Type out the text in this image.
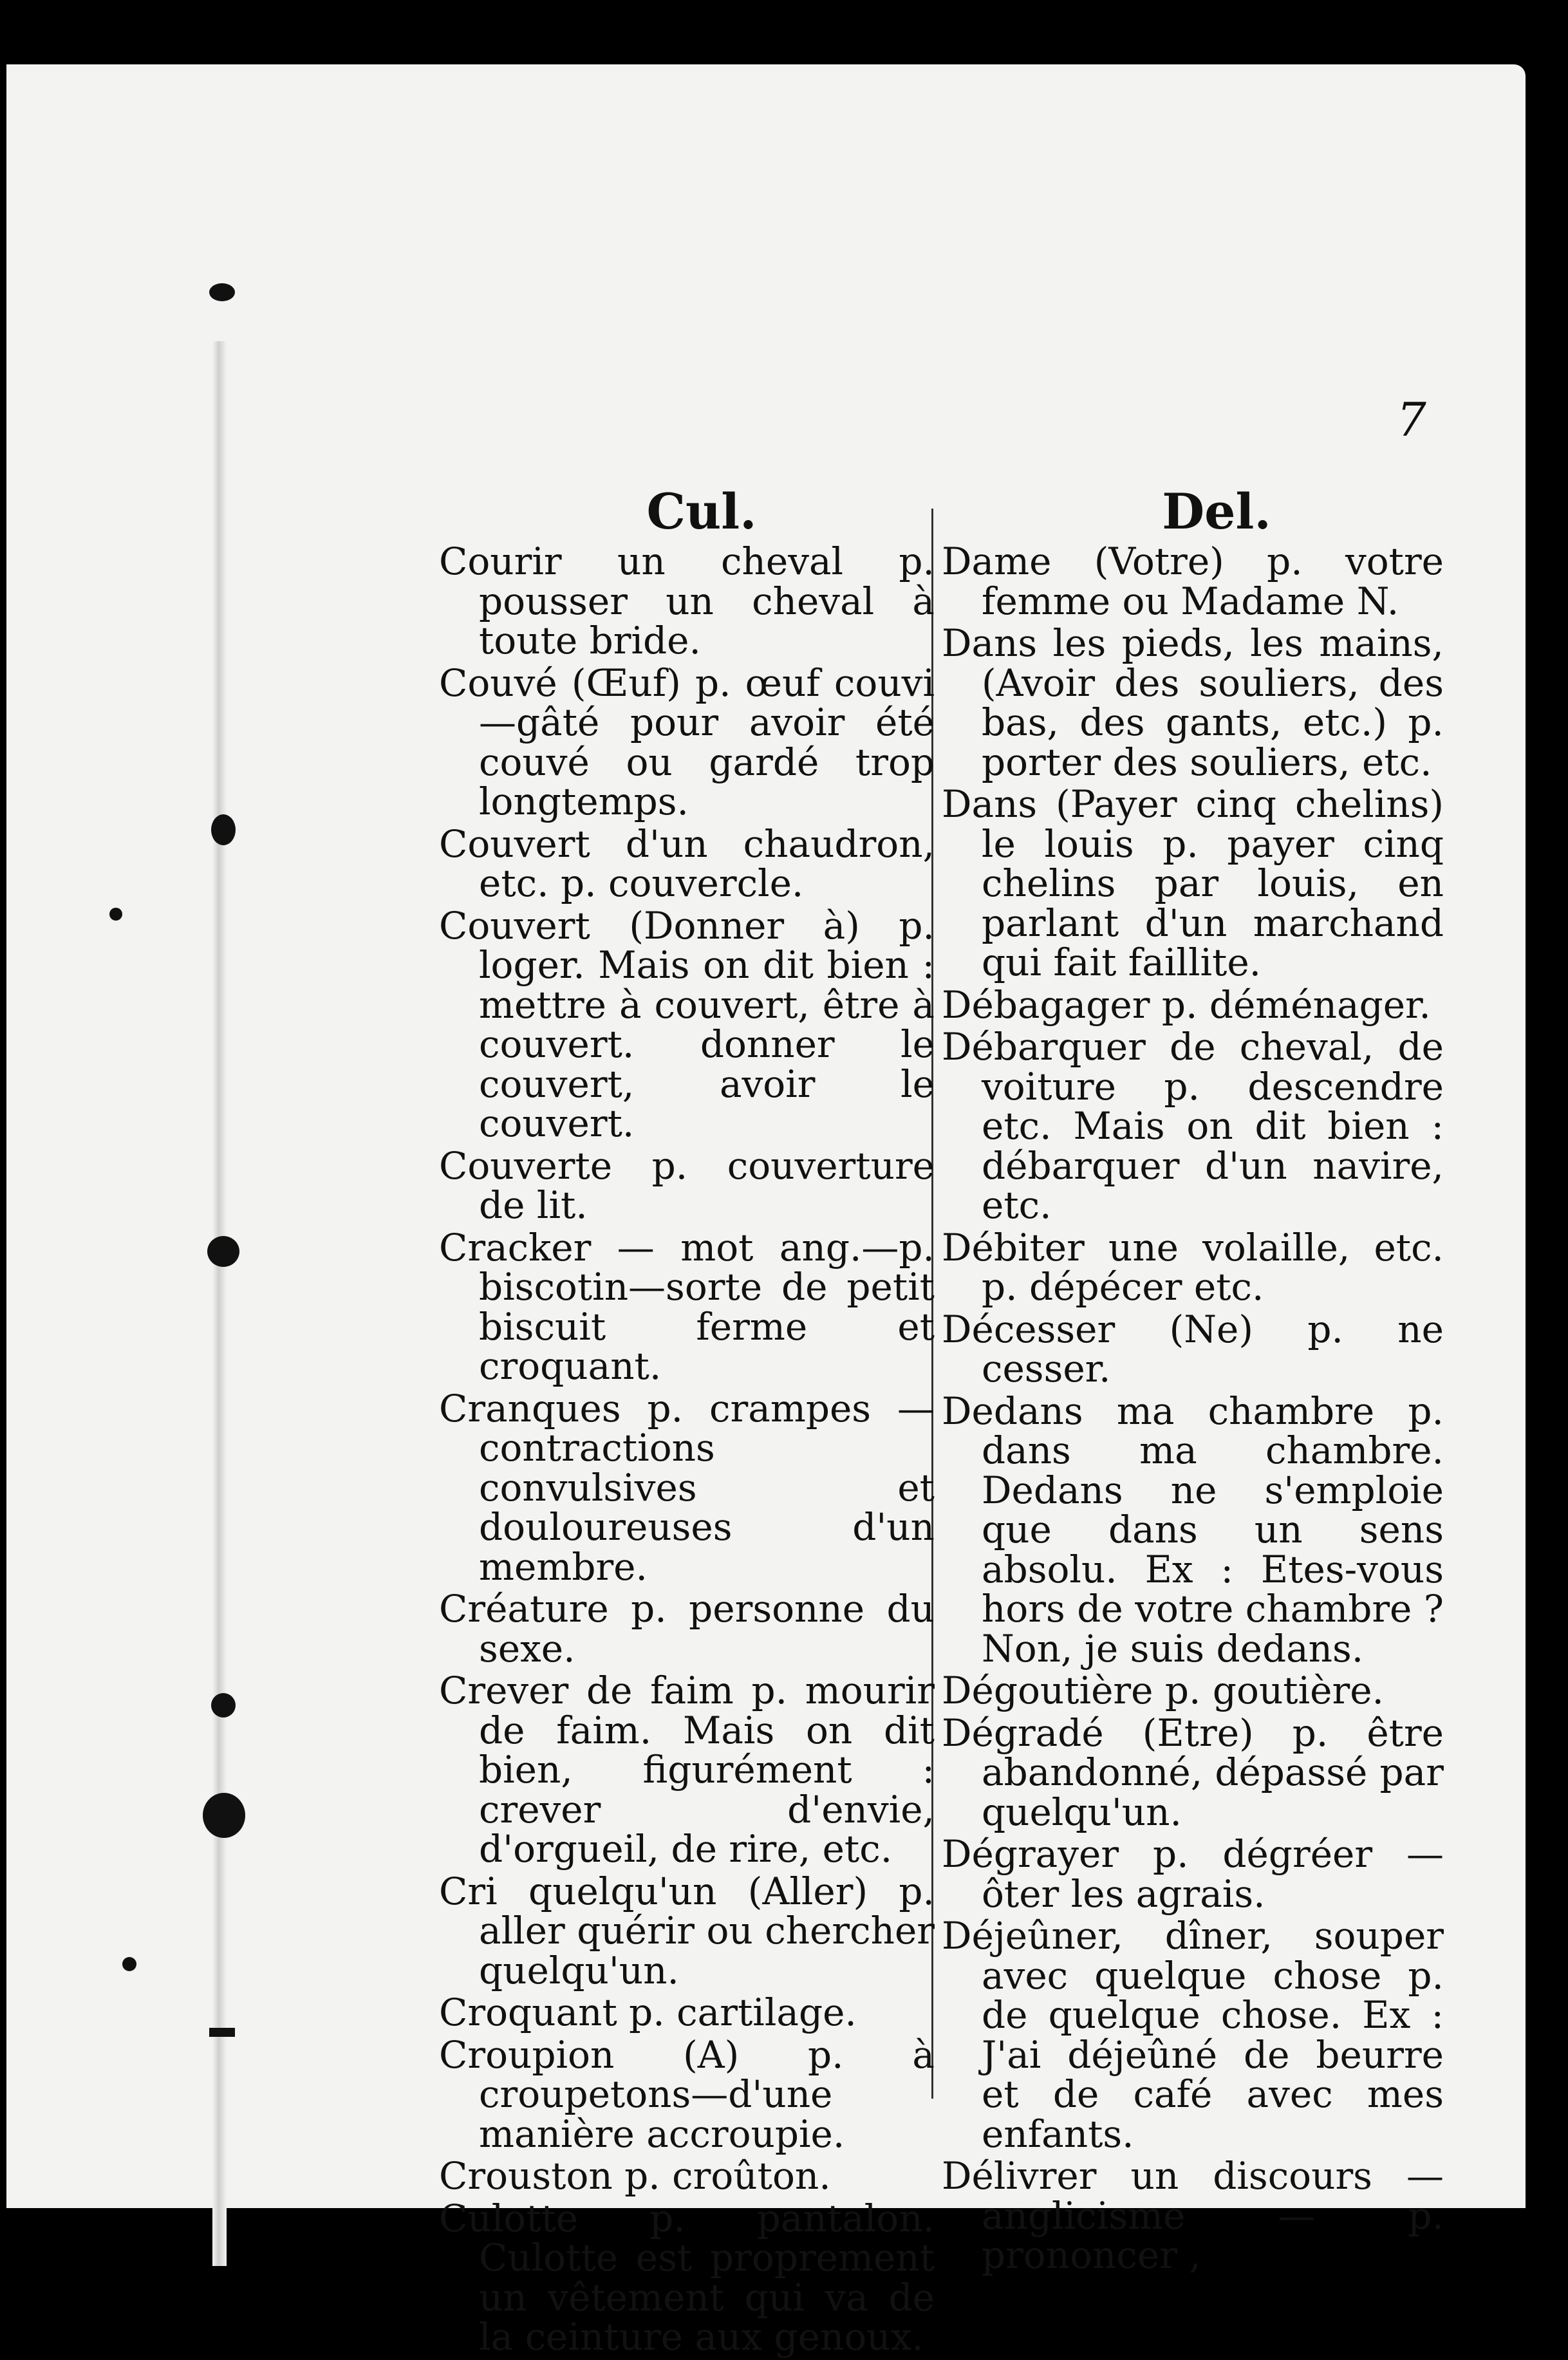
7
Cul.	Del.

Courir un cheval p. pousser un cheval à toute bride.

Couvé (Œuf) p. œuf couvi —gâté pour avoir été couvé ou gardé trop longtemps.

Couvert d'un chaudron, etc. p. couvercle.

Couvert (Donner à) p. loger. Mais on dit bien : mettre à couvert, être à couvert. donner le couvert, avoir le couvert.

Couverte p. couverture de lit.

Cracker — mot ang.—p. biscotin—sorte de petit biscuit ferme et croquant.

Cranques p. crampes —contractions convulsives et douloureuses d'un membre.

Créature p. personne du sexe.

Crever de faim p. mourir de faim. Mais on dit bien, figurément : crever d'envie, d'orgueil, de rire, etc.

Cri quelqu'un (Aller) p. aller quérir ou chercher quelqu'un.

Croquant p. cartilage.

Croupion (A) p. à croupetons—d'une manière accroupie.

Crouston p. croûton.

Culotte p. pantalon. Culotte est proprement un vêtement qui va de la ceinture aux genoux.

Dame (Votre) p. votre femme ou Madame N.

Dans les pieds, les mains, (Avoir des souliers, des bas, des gants, etc.) p. porter des souliers, etc.

Dans (Payer cinq chelins) le louis p. payer cinq chelins par louis, en parlant d'un marchand qui fait faillite.

Débagager p. déménager.

Débarquer de cheval, de voiture p. descendre etc. Mais on dit bien : débarquer d'un navire, etc.

Débiter une volaille, etc. p. dépécer etc.

Décesser (Ne) p. ne cesser.

Dedans ma chambre p. dans ma chambre. Dedans ne s'emploie que dans un sens absolu. Ex : Etes-vous hors de votre chambre ? Non, je suis dedans.

Dégoutière p. goutière.

Dégradé (Etre) p. être abandonné, dépassé par quelqu'un.

Dégrayer p. dégréer — ôter les agrais.

Déjeûner, dîner, souper avec quelque chose p. de quelque chose. Ex : J'ai déjeûné de beurre et de café avec mes enfants.

Délivrer un discours — anglicisme — p. prononcer ,
